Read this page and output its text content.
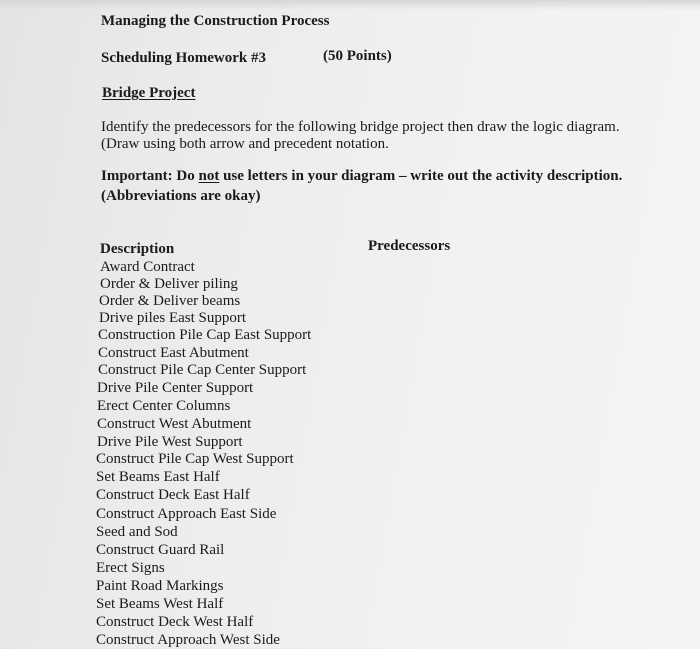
Managing the Construction Process
Scheduling Homework #3	(50 Points)
Bridge Project
Identify the predecessors for the following bridge project then draw the logic diagram.
(Draw using both arrow and precedent notation.
Important: Do not use letters in your diagram – write out the activity description.
(Abbreviations are okay)
Description	Predecessors
Award Contract
Order & Deliver piling
Order & Deliver beams
Drive piles East Support
Construction Pile Cap East Support
Construct East Abutment
Construct Pile Cap Center Support
Drive Pile Center Support
Erect Center Columns
Construct West Abutment
Drive Pile West Support
Construct Pile Cap West Support
Set Beams East Half
Construct Deck East Half
Construct Approach East Side
Seed and Sod
Construct Guard Rail
Erect Signs
Paint Road Markings
Set Beams West Half
Construct Deck West Half
Construct Approach West Side
